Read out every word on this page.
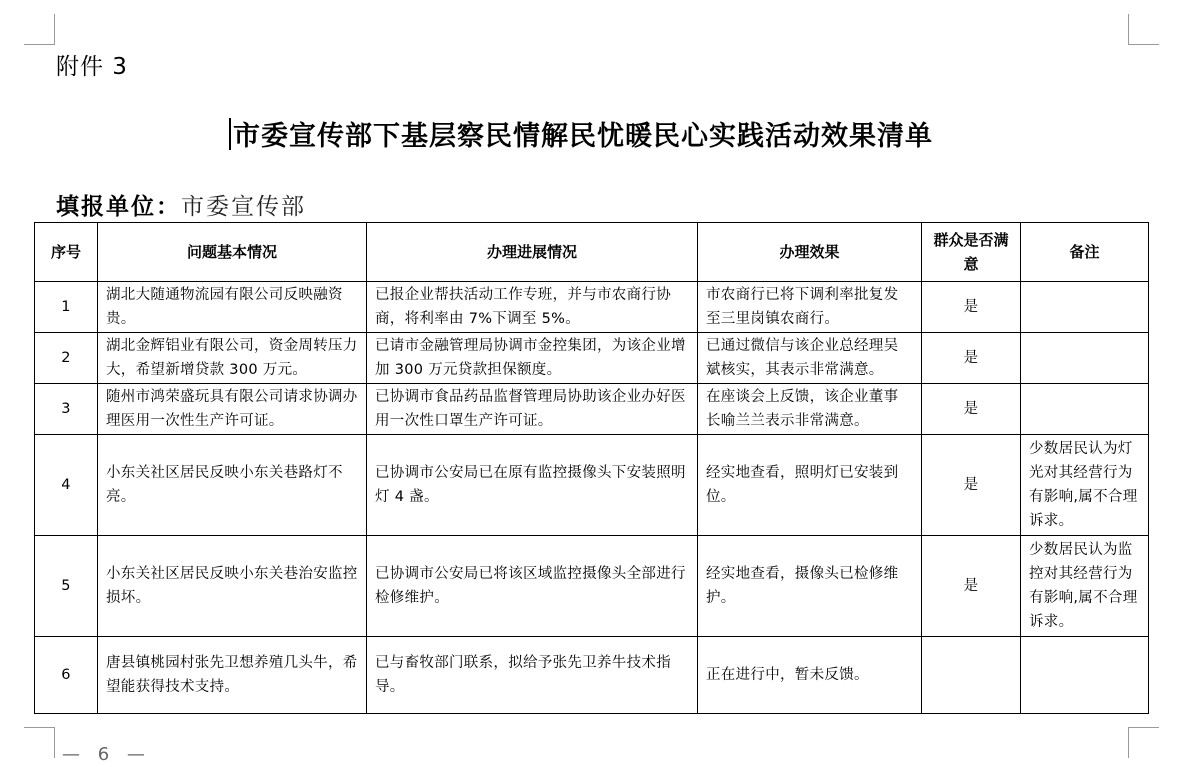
附件 3
市委宣传部下基层察民情解民忧暖民心实践活动效果清单
填报单位：市委宣传部
序号	问题基本情况	办理进展情况	办理效果	群众是否满意	备注
1	湖北大随通物流园有限公司反映融资贵。	已报企业帮扶活动工作专班，并与市农商行协商，将利率由 7%下调至 5%。	市农商行已将下调利率批复发至三里岗镇农商行。	是	
2	湖北金辉铝业有限公司，资金周转压力大，希望新增贷款 300 万元。	已请市金融管理局协调市金控集团，为该企业增加 300 万元贷款担保额度。	已通过微信与该企业总经理吴斌核实，其表示非常满意。	是	
3	随州市鸿荣盛玩具有限公司请求协调办理医用一次性生产许可证。	已协调市食品药品监督管理局协助该企业办好医用一次性口罩生产许可证。	在座谈会上反馈，该企业董事长喻兰兰表示非常满意。	是	
4	小东关社区居民反映小东关巷路灯不亮。	已协调市公安局已在原有监控摄像头下安装照明灯 4 盏。	经实地查看，照明灯已安装到位。	是	少数居民认为灯光对其经营行为有影响,属不合理诉求。
5	小东关社区居民反映小东关巷治安监控损坏。	已协调市公安局已将该区域监控摄像头全部进行检修维护。	经实地查看，摄像头已检修维护。	是	少数居民认为监控对其经营行为有影响,属不合理诉求。
6	唐县镇桃园村张先卫想养殖几头牛，希望能获得技术支持。	已与畜牧部门联系，拟给予张先卫养牛技术指导。	正在进行中，暂未反馈。		
— 6 —
